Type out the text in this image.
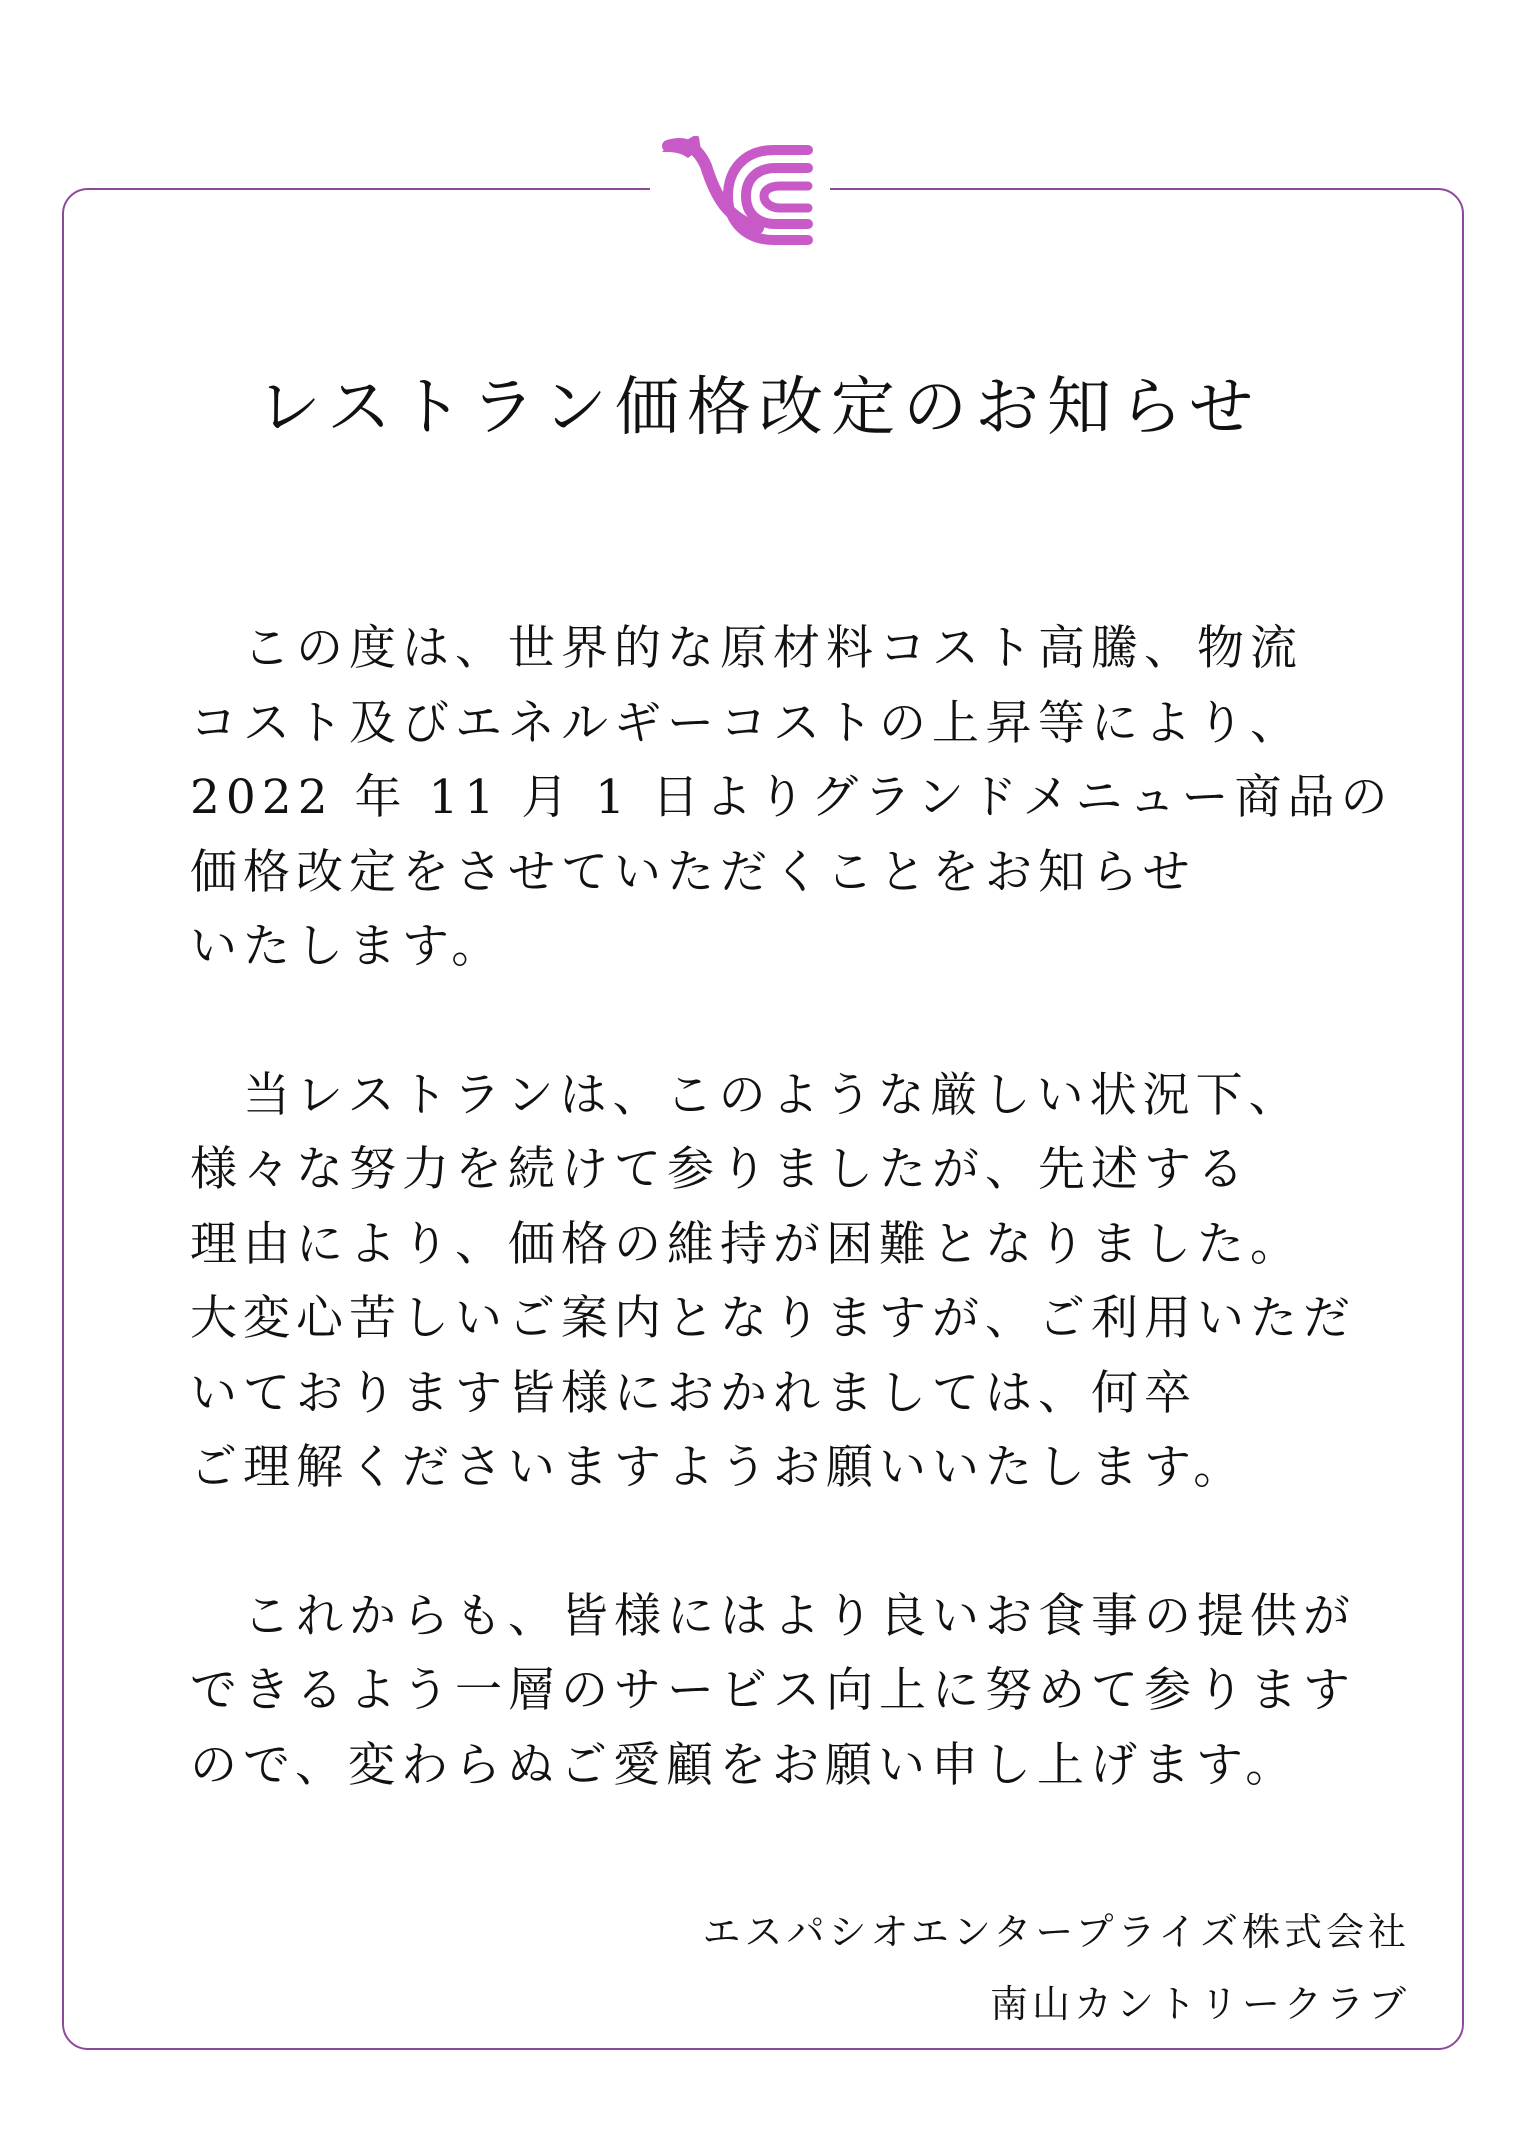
レストラン価格改定のお知らせ
　この度は、世界的な原材料コスト高騰、物流
コスト及びエネルギーコストの上昇等により、
2022 年 11 月 1 日よりグランドメニュー商品の
価格改定をさせていただくことをお知らせ
いたします。
　当レストランは、このような厳しい状況下、
様々な努力を続けて参りましたが、先述する
理由により、価格の維持が困難となりました。
大変心苦しいご案内となりますが、ご利用いただ
いております皆様におかれましては、何卒
ご理解くださいますようお願いいたします。
　これからも、皆様にはより良いお食事の提供が
できるよう一層のサービス向上に努めて参ります
ので、変わらぬご愛顧をお願い申し上げます。
エスパシオエンタープライズ株式会社
南山カントリークラブ
